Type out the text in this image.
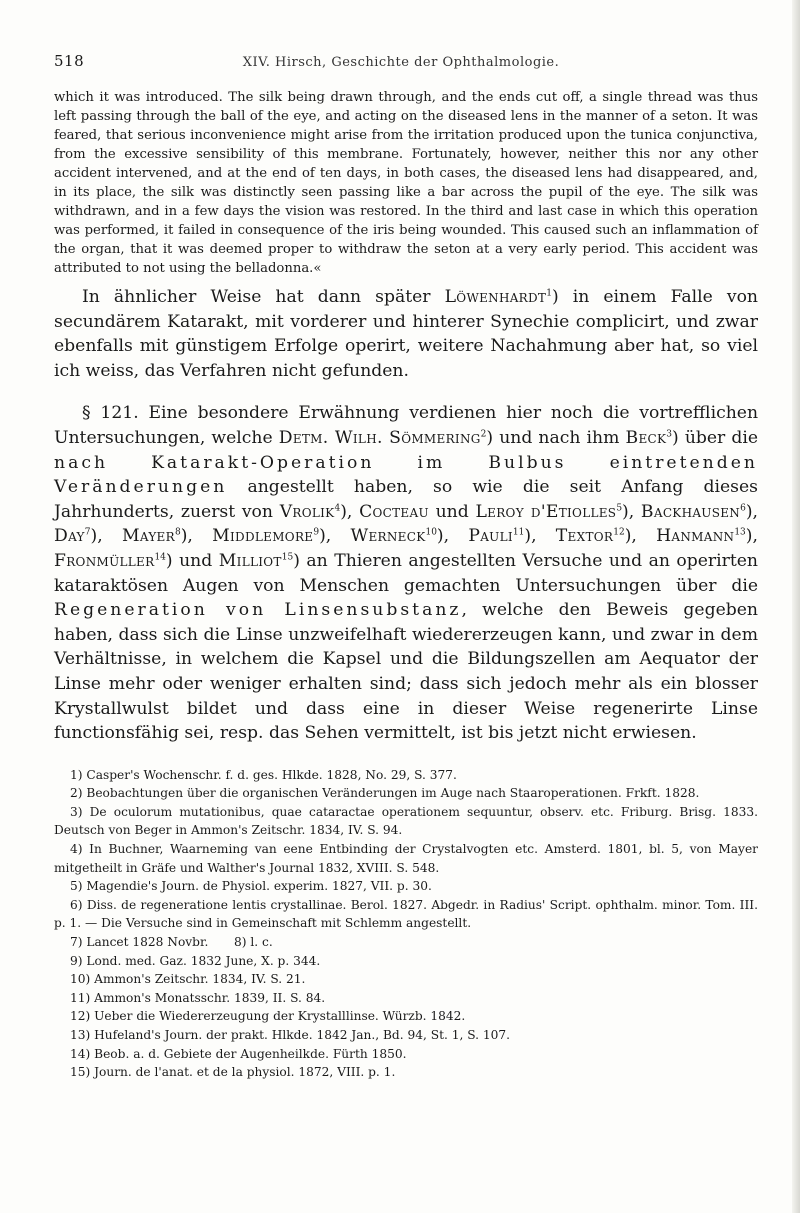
518	XIV. Hirsch, Geschichte der Ophthalmologie.

which it was introduced. The silk being drawn through, and the ends cut off, a single thread was thus left passing through the ball of the eye, and acting on the diseased lens in the manner of a seton. It was feared, that serious inconvenience might arise from the irritation produced upon the tunica conjunctiva, from the excessive sensibility of this membrane. Fortunately, however, neither this nor any other accident intervened, and at the end of ten days, in both cases, the diseased lens had disappeared, and, in its place, the silk was distinctly seen passing like a bar across the pupil of the eye. The silk was withdrawn, and in a few days the vision was restored. In the third and last case in which this operation was performed, it failed in consequence of the iris being wounded. This caused such an inflammation of the organ, that it was deemed proper to withdraw the seton at a very early period. This accident was attributed to not using the belladonna.«

In ähnlicher Weise hat dann später Löwenhardt$^1$) in einem Falle von secundärem Katarakt, mit vorderer und hinterer Synechie complicirt, und zwar ebenfalls mit günstigem Erfolge operirt, weitere Nachahmung aber hat, so viel ich weiss, das Verfahren nicht gefunden.

§ 121. Eine besondere Erwähnung verdienen hier noch die vortrefflichen Untersuchungen, welche Detm. Wilh. Sömmering$^2$) und nach ihm Beck$^3$) über die nach Katarakt-Operation im Bulbus eintretenden Veränderungen angestellt haben, so wie die seit Anfang dieses Jahrhunderts, zuerst von Vrolik$^4$), Cocteau und Leroy d'Etiolles$^5$), Backhausen$^6$), Day$^7$), Mayer$^8$), Middlemore$^9$), Werneck$^{10}$), Pauli$^{11}$), Textor$^{12}$), Hanmann$^{13}$), Fronmüller$^{14}$) und Milliot$^{15}$) an Thieren angestellten Versuche und an operirten kataraktösen Augen von Menschen gemachten Untersuchungen über die Regeneration von Linsensubstanz, welche den Beweis gegeben haben, dass sich die Linse unzweifelhaft wiedererzeugen kann, und zwar in dem Verhältnisse, in welchem die Kapsel und die Bildungszellen am Aequator der Linse mehr oder weniger erhalten sind; dass sich jedoch mehr als ein blosser Krystallwulst bildet und dass eine in dieser Weise regenerirte Linse functionsfähig sei, resp. das Sehen vermittelt, ist bis jetzt nicht erwiesen.

1) Casper's Wochenschr. f. d. ges. Hlkde. 1828, No. 29, S. 377.

2) Beobachtungen über die organischen Veränderungen im Auge nach Staaroperationen. Frkft. 1828.

3) De oculorum mutationibus, quae cataractae operationem sequuntur, observ. etc. Friburg. Brisg. 1833. Deutsch von Beger in Ammon's Zeitschr. 1834, IV. S. 94.

4) In Buchner, Waarneming van eene Entbinding der Crystalvogten etc. Amsterd. 1801, bl. 5, von Mayer mitgetheilt in Gräfe und Walther's Journal 1832, XVIII. S. 548.

5) Magendie's Journ. de Physiol. experim. 1827, VII. p. 30.

6) Diss. de regeneratione lentis crystallinae. Berol. 1827. Abgedr. in Radius' Script. ophthalm. minor. Tom. III. p. 1. — Die Versuche sind in Gemeinschaft mit Schlemm angestellt.

7) Lancet 1828 Novbr.	8) l. c.

9) Lond. med. Gaz. 1832 June, X. p. 344.

10) Ammon's Zeitschr. 1834, IV. S. 21.

11) Ammon's Monatsschr. 1839, II. S. 84.

12) Ueber die Wiedererzeugung der Krystalllinse. Würzb. 1842.

13) Hufeland's Journ. der prakt. Hlkde. 1842 Jan., Bd. 94, St. 1, S. 107.

14) Beob. a. d. Gebiete der Augenheilkde. Fürth 1850.

15) Journ. de l'anat. et de la physiol. 1872, VIII. p. 1.
